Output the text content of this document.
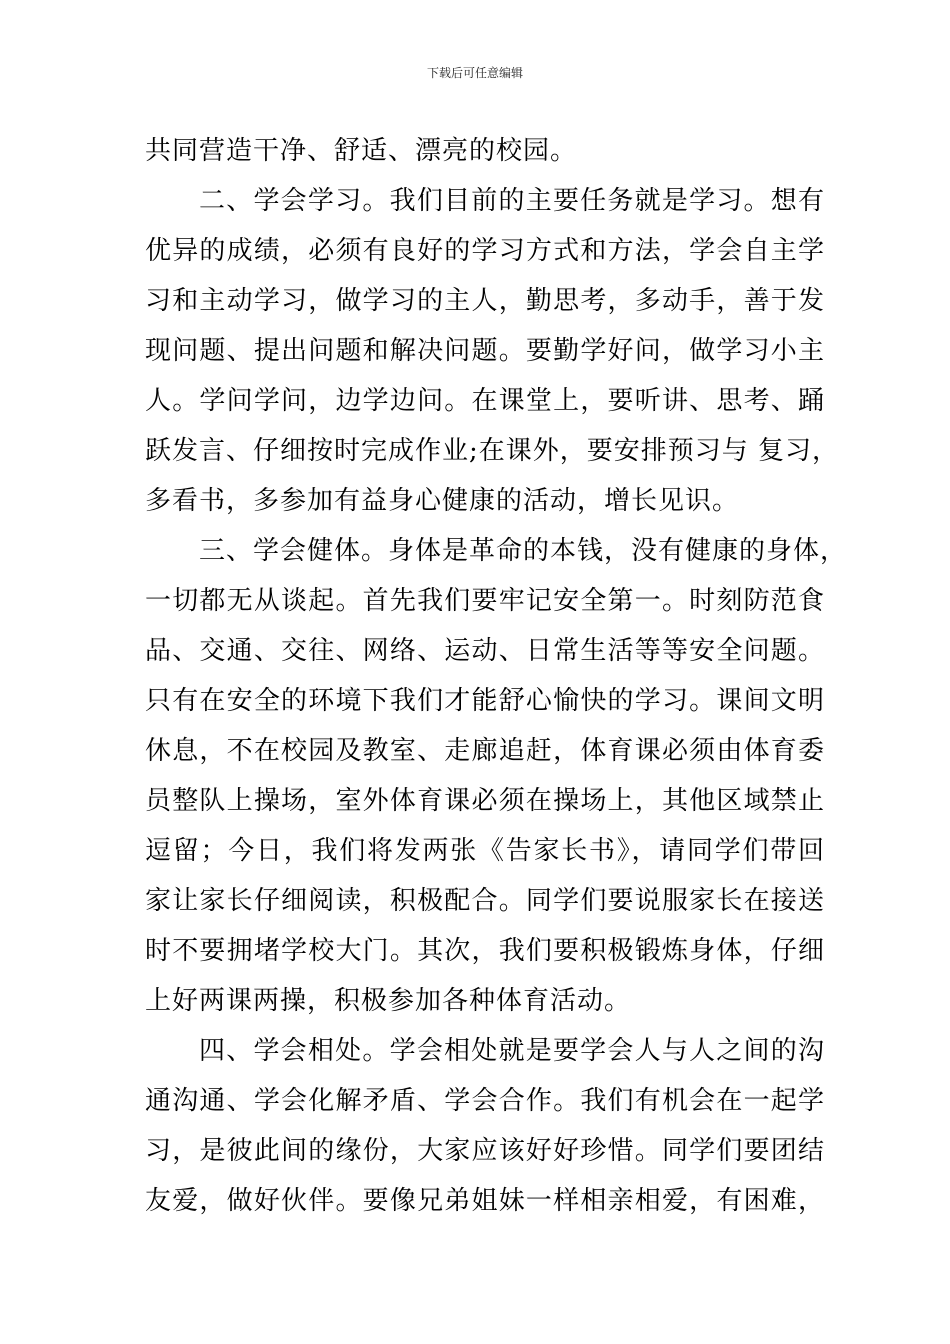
下载后可任意编辑
共同营造干净、舒适、漂亮的校园。
二、学会学习。我们目前的主要任务就是学习。想有
优异的成绩，必须有良好的学习方式和方法，学会自主学
习和主动学习，做学习的主人，勤思考，多动手，善于发
现问题、提出问题和解决问题。要勤学好问，做学习小主
人。学问学问，边学边问。在课堂上，要听讲、思考、踊
跃发言、仔细按时完成作业;在课外，要安排预习与 复习，
多看书，多参加有益身心健康的活动，增长见识。
三、学会健体。身体是革命的本钱，没有健康的身体，
一切都无从谈起。首先我们要牢记安全第一。时刻防范食
品、交通、交往、网络、运动、日常生活等等安全问题。
只有在安全的环境下我们才能舒心愉快的学习。课间文明
休息，不在校园及教室、走廊追赶，体育课必须由体育委
员整队上操场，室外体育课必须在操场上，其他区域禁止
逗留；今日，我们将发两张《告家长书》，请同学们带回
家让家长仔细阅读，积极配合。同学们要说服家长在接送
时不要拥堵学校大门。其次，我们要积极锻炼身体，仔细
上好两课两操，积极参加各种体育活动。
四、学会相处。学会相处就是要学会人与人之间的沟
通沟通、学会化解矛盾、学会合作。我们有机会在一起学
习，是彼此间的缘份，大家应该好好珍惜。同学们要团结
友爱，做好伙伴。要像兄弟姐妹一样相亲相爱，有困难，
